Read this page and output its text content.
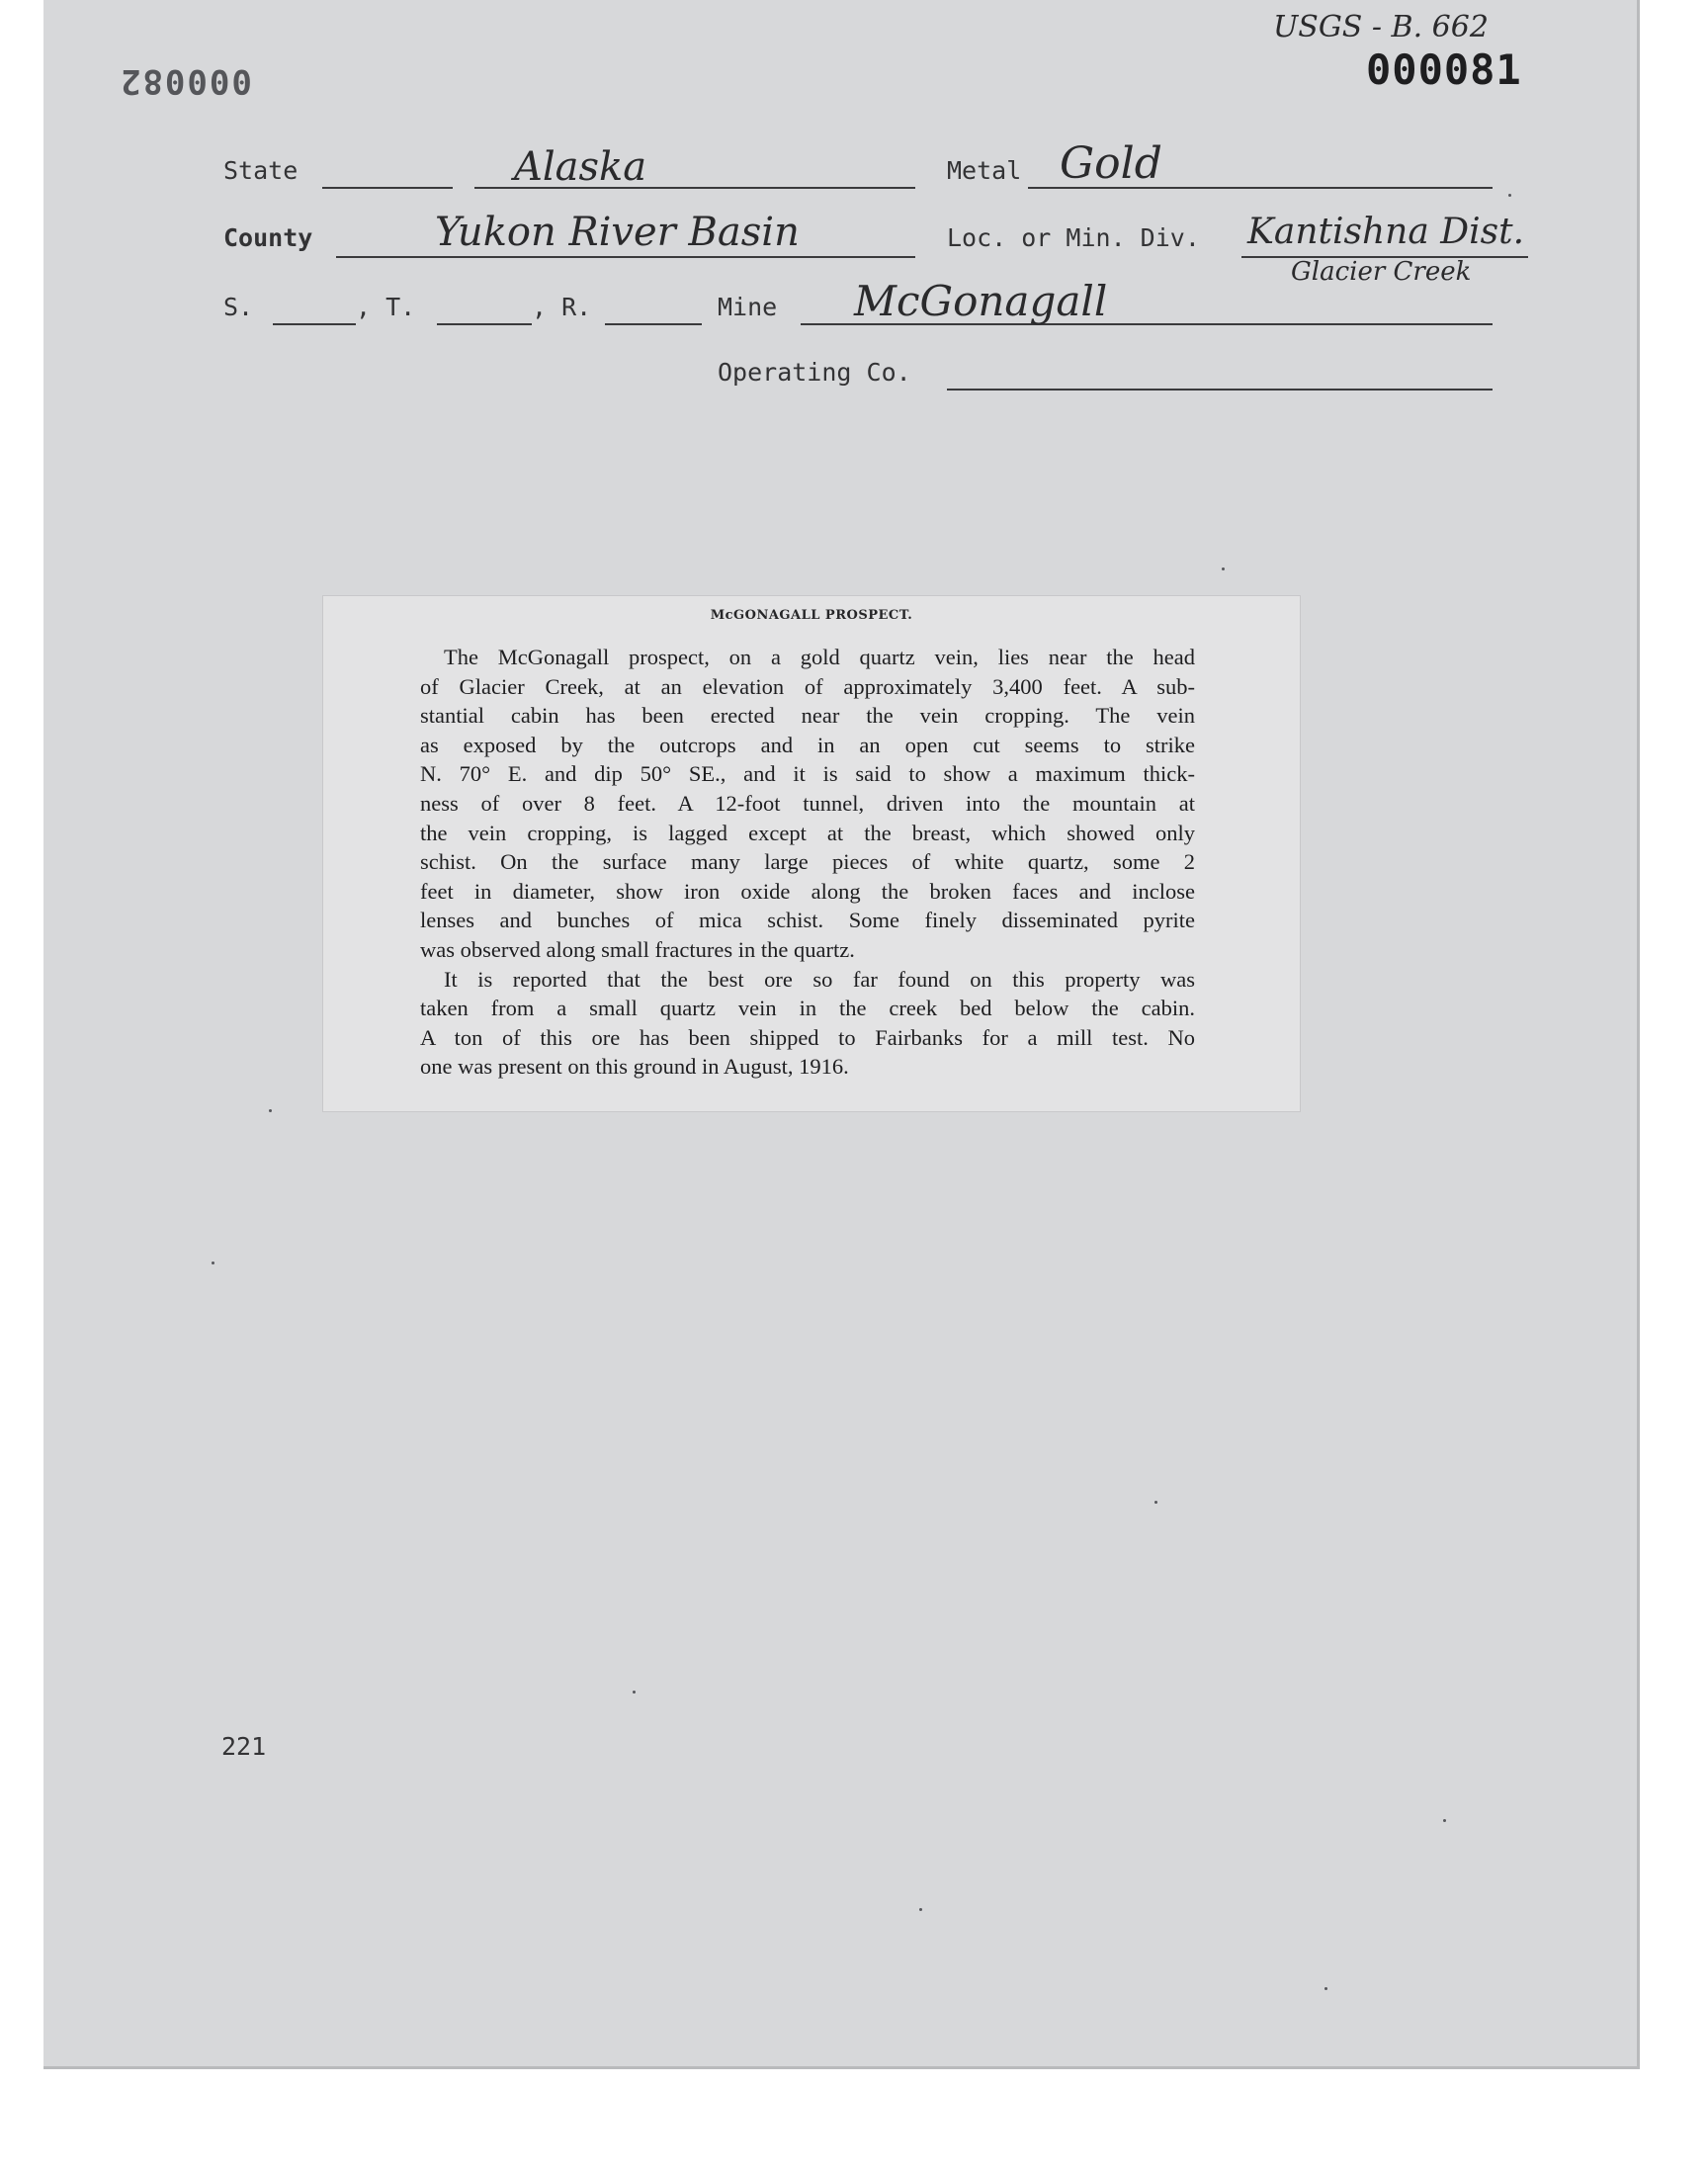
000082
USGS - B. 662
000081
State	Alaska	Metal Gold
County	Yukon River Basin	Loc. or Min. Div. Kantishna Dist.
Glacier Creek
S.	, T.	, R.	Mine McGonagall
Operating Co.
McGONAGALL PROSPECT.
The McGonagall prospect, on a gold quartz vein, lies near the head
of Glacier Creek, at an elevation of approximately 3,400 feet. A sub-
stantial cabin has been erected near the vein cropping. The vein
as exposed by the outcrops and in an open cut seems to strike
N. 70° E. and dip 50° SE., and it is said to show a maximum thick-
ness of over 8 feet. A 12-foot tunnel, driven into the mountain at
the vein cropping, is lagged except at the breast, which showed only
schist. On the surface many large pieces of white quartz, some 2
feet in diameter, show iron oxide along the broken faces and inclose
lenses and bunches of mica schist. Some finely disseminated pyrite
was observed along small fractures in the quartz.
It is reported that the best ore so far found on this property was
taken from a small quartz vein in the creek bed below the cabin.
A ton of this ore has been shipped to Fairbanks for a mill test. No
one was present on this ground in August, 1916.
221
